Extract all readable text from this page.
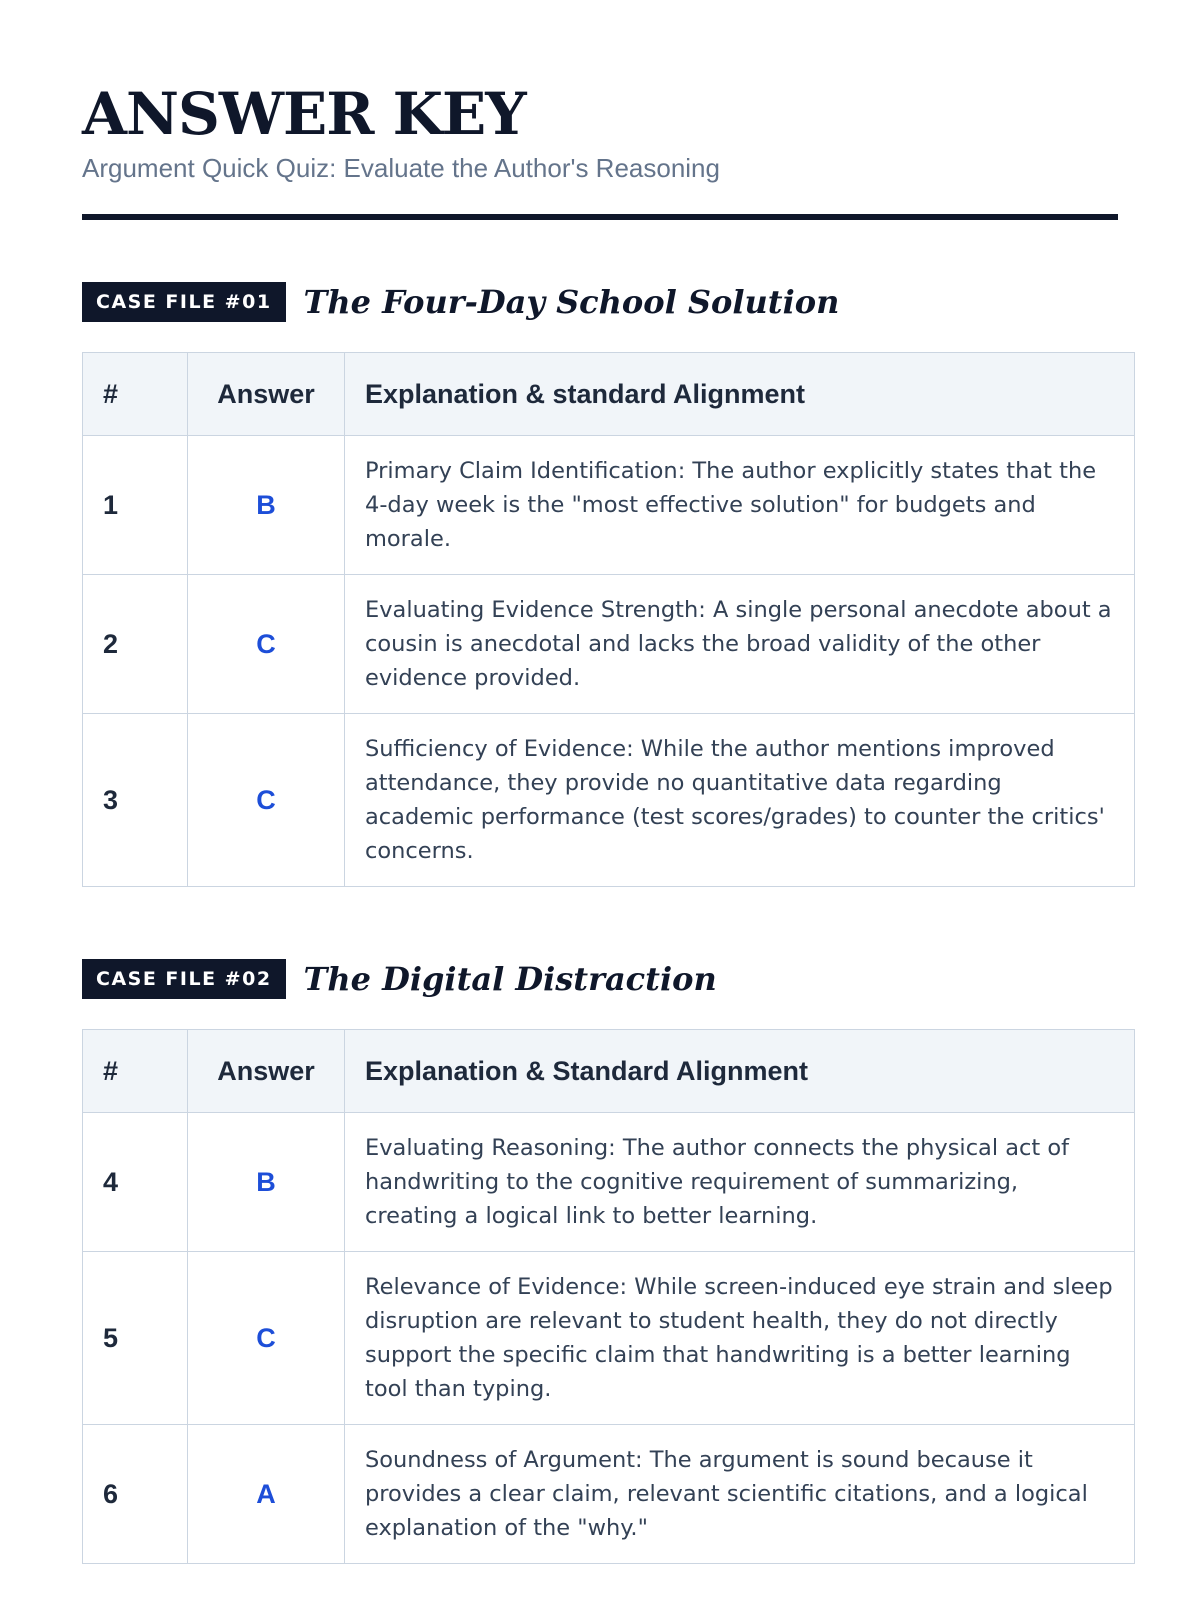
ANSWER KEY
Argument Quick Quiz: Evaluate the Author's Reasoning
CASE FILE #01	The Four-Day School Solution
#	Answer	Explanation & standard Alignment
1	B	Primary Claim Identification: The author explicitly states that the 4-day week is the "most effective solution" for budgets and morale.
2	C	Evaluating Evidence Strength: A single personal anecdote about a cousin is anecdotal and lacks the broad validity of the other evidence provided.
3	C	Sufficiency of Evidence: While the author mentions improved attendance, they provide no quantitative data regarding academic performance (test scores/grades) to counter the critics' concerns.
CASE FILE #02	The Digital Distraction
#	Answer	Explanation & Standard Alignment
4	B	Evaluating Reasoning: The author connects the physical act of handwriting to the cognitive requirement of summarizing, creating a logical link to better learning.
5	C	Relevance of Evidence: While screen-induced eye strain and sleep disruption are relevant to student health, they do not directly support the specific claim that handwriting is a better learning tool than typing.
6	A	Soundness of Argument: The argument is sound because it provides a clear claim, relevant scientific citations, and a logical explanation of the "why."
